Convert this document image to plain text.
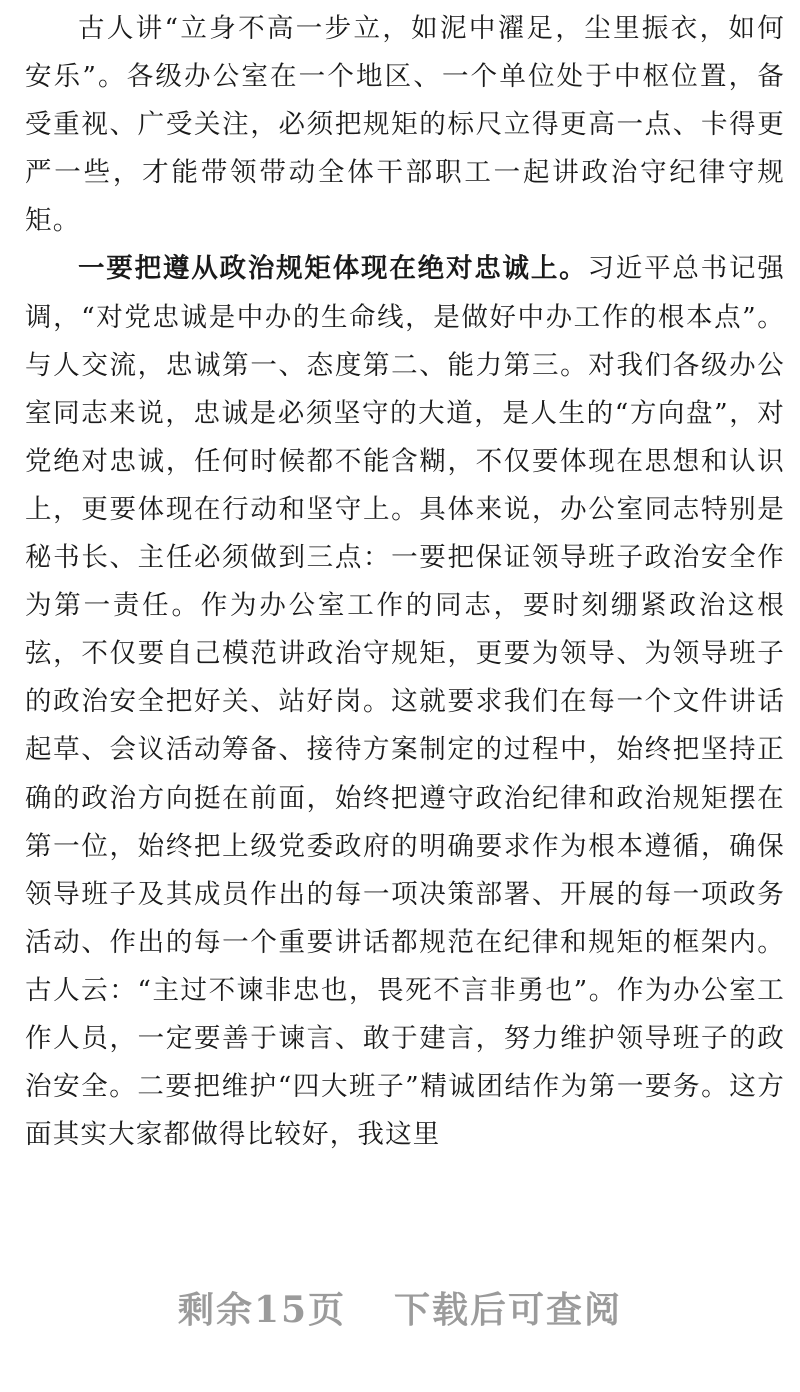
古人讲“立身不高一步立，如泥中濯足，尘里振衣，如何安乐”。各级办公室在一个地区、一个单位处于中枢位置，备受重视、广受关注，必须把规矩的标尺立得更高一点、卡得更严一些，才能带领带动全体干部职工一起讲政治守纪律守规矩。

一要把遵从政治规矩体现在绝对忠诚上。习近平总书记强调，“对党忠诚是中办的生命线，是做好中办工作的根本点”。与人交流，忠诚第一、态度第二、能力第三。对我们各级办公室同志来说，忠诚是必须坚守的大道，是人生的“方向盘”，对党绝对忠诚，任何时候都不能含糊，不仅要体现在思想和认识上，更要体现在行动和坚守上。具体来说，办公室同志特别是秘书长、主任必须做到三点：一要把保证领导班子政治安全作为第一责任。作为办公室工作的同志，要时刻绷紧政治这根弦，不仅要自己模范讲政治守规矩，更要为领导、为领导班子的政治安全把好关、站好岗。这就要求我们在每一个文件讲话起草、会议活动筹备、接待方案制定的过程中，始终把坚持正确的政治方向挺在前面，始终把遵守政治纪律和政治规矩摆在第一位，始终把上级党委政府的明确要求作为根本遵循，确保领导班子及其成员作出的每一项决策部署、开展的每一项政务活动、作出的每一个重要讲话都规范在纪律和规矩的框架内。古人云：“主过不谏非忠也，畏死不言非勇也”。作为办公室工作人员，一定要善于谏言、敢于建言，努力维护领导班子的政治安全。二要把维护“四大班子”精诚团结作为第一要务。这方面其实大家都做得比较好，我这里

剩余15页 下载后可查阅
